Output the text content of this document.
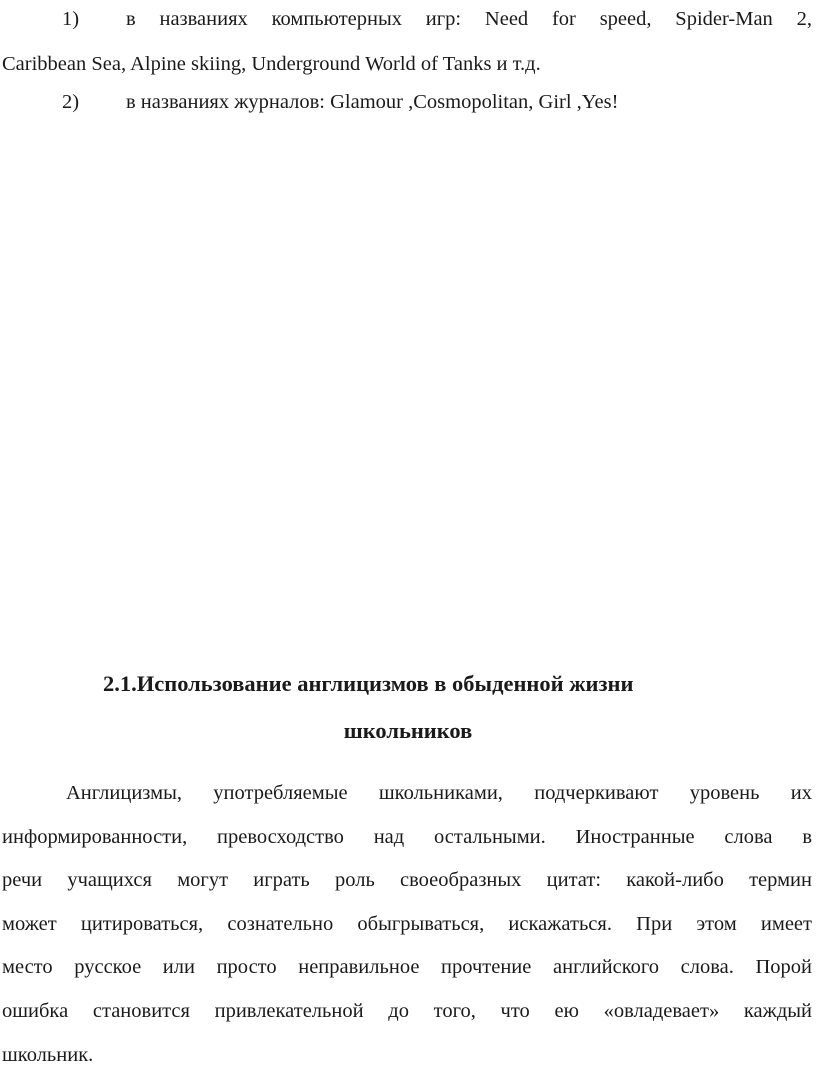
1)	в названиях компьютерных игр: Need for speed, Spider-Man 2,
Caribbean Sea, Alpine skiing, Underground World of Tanks и т.д.
2)	в названиях журналов: Glamour ,Cosmopolitan, Girl ,Yes!
2.1.Использование англицизмов в обыденной жизни
школьников
Англицизмы, употребляемые школьниками, подчеркивают уровень их
информированности, превосходство над остальными. Иностранные слова в
речи учащихся могут играть роль своеобразных цитат: какой-либо термин
может цитироваться, сознательно обыгрываться, искажаться. При этом имеет
место русское или просто неправильное прочтение английского слова. Порой
ошибка становится привлекательной до того, что ею «овладевает» каждый
школьник.
